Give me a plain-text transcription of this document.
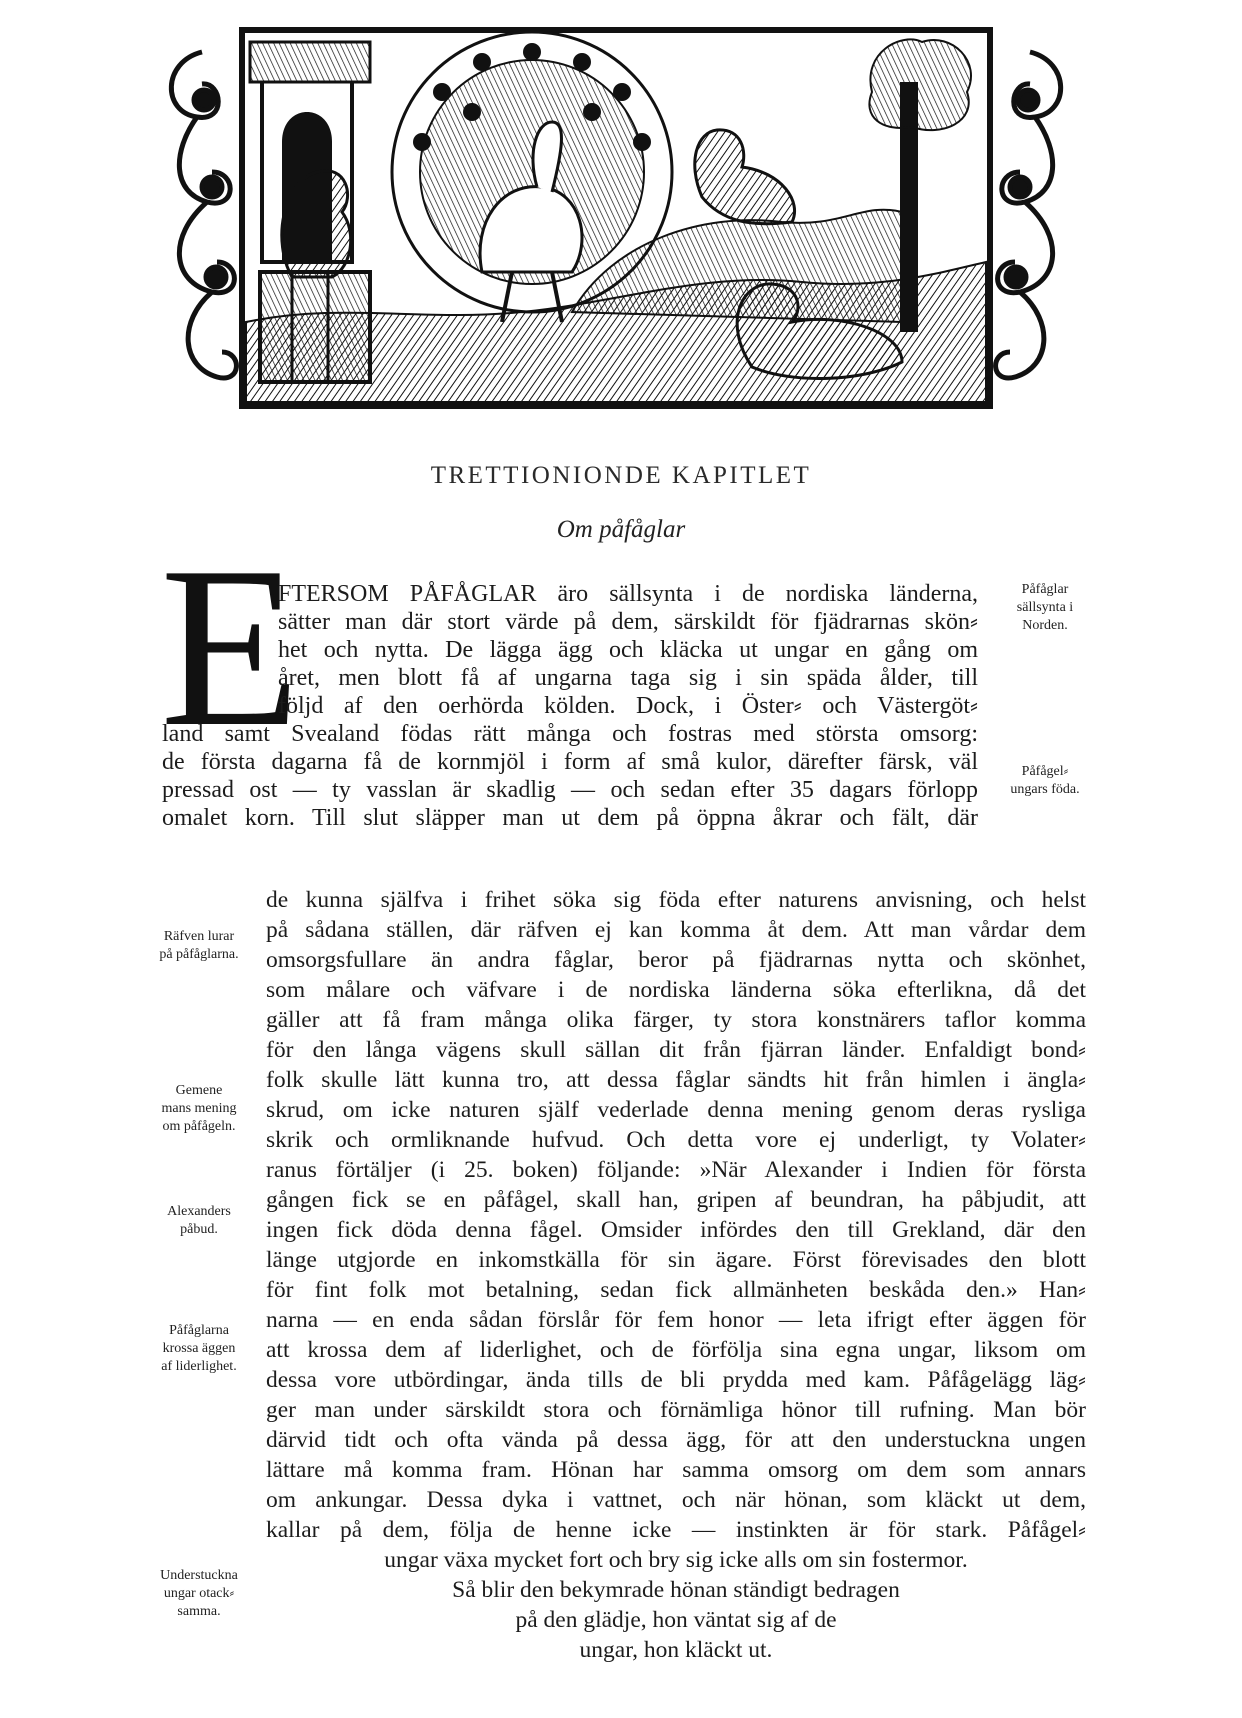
TRETTIONIONDE KAPITLET
Om påfåglar
E

FTERSOM PÅFÅGLAR äro sällsynta i de nordiska länderna,

sätter man där stort värde på dem, särskildt för fjädrarnas skön⸗

het och nytta. De lägga ägg och kläcka ut ungar en gång om

året, men blott få af ungarna taga sig i sin späda ålder, till

följd af den oerhörda kölden. Dock, i Öster⸗ och Västergöt⸗

land samt Svealand födas rätt många och fostras med största omsorg:

de första dagarna få de kornmjöl i form af små kulor, därefter färsk, väl

pressad ost — ty vasslan är skadlig — och sedan efter 35 dagars förlopp

omalet korn. Till slut släpper man ut dem på öppna åkrar och fält, där

de kunna själfva i frihet söka sig föda efter naturens anvisning, och helst

på sådana ställen, där räfven ej kan komma åt dem. Att man vårdar dem

omsorgsfullare än andra fåglar, beror på fjädrarnas nytta och skönhet,

som målare och väfvare i de nordiska länderna söka efterlikna, då det

gäller att få fram många olika färger, ty stora konstnärers taflor komma

för den långa vägens skull sällan dit från fjärran länder. Enfaldigt bond⸗

folk skulle lätt kunna tro, att dessa fåglar sändts hit från himlen i ängla⸗

skrud, om icke naturen själf vederlade denna mening genom deras rysliga

skrik och ormliknande hufvud. Och detta vore ej underligt, ty Volater⸗

ranus förtäljer (i 25. boken) följande: »När Alexander i Indien för första

gången fick se en påfågel, skall han, gripen af beundran, ha påbjudit, att

ingen fick döda denna fågel. Omsider infördes den till Grekland, där den

länge utgjorde en inkomstkälla för sin ägare. Först förevisades den blott

för fint folk mot betalning, sedan fick allmänheten beskåda den.» Han⸗

narna — en enda sådan förslår för fem honor — leta ifrigt efter äggen för

att krossa dem af liderlighet, och de förfölja sina egna ungar, liksom om

dessa vore utbördingar, ända tills de bli prydda med kam. Påfågelägg läg⸗

ger man under särskildt stora och förnämliga hönor till rufning. Man bör

därvid tidt och ofta vända på dessa ägg, för att den understuckna ungen

lättare må komma fram. Hönan har samma omsorg om dem som annars

om ankungar. Dessa dyka i vattnet, och när hönan, som kläckt ut dem,

kallar på dem, följa de henne icke — instinkten är för stark. Påfågel⸗

ungar växa mycket fort och bry sig icke alls om sin fostermor.

Så blir den bekymrade hönan ständigt bedragen

på den glädje, hon väntat sig af de

ungar, hon kläckt ut.

Påfåglar
sällsynta i
Norden.
Påfågel⸗
ungars föda.
Räfven lurar
på påfåglarna.
Gemene
mans mening
om påfågeln.
Alexanders
påbud.
Påfåglarna
krossa äggen
af liderlighet.
Understuckna
ungar otack⸗
samma.
